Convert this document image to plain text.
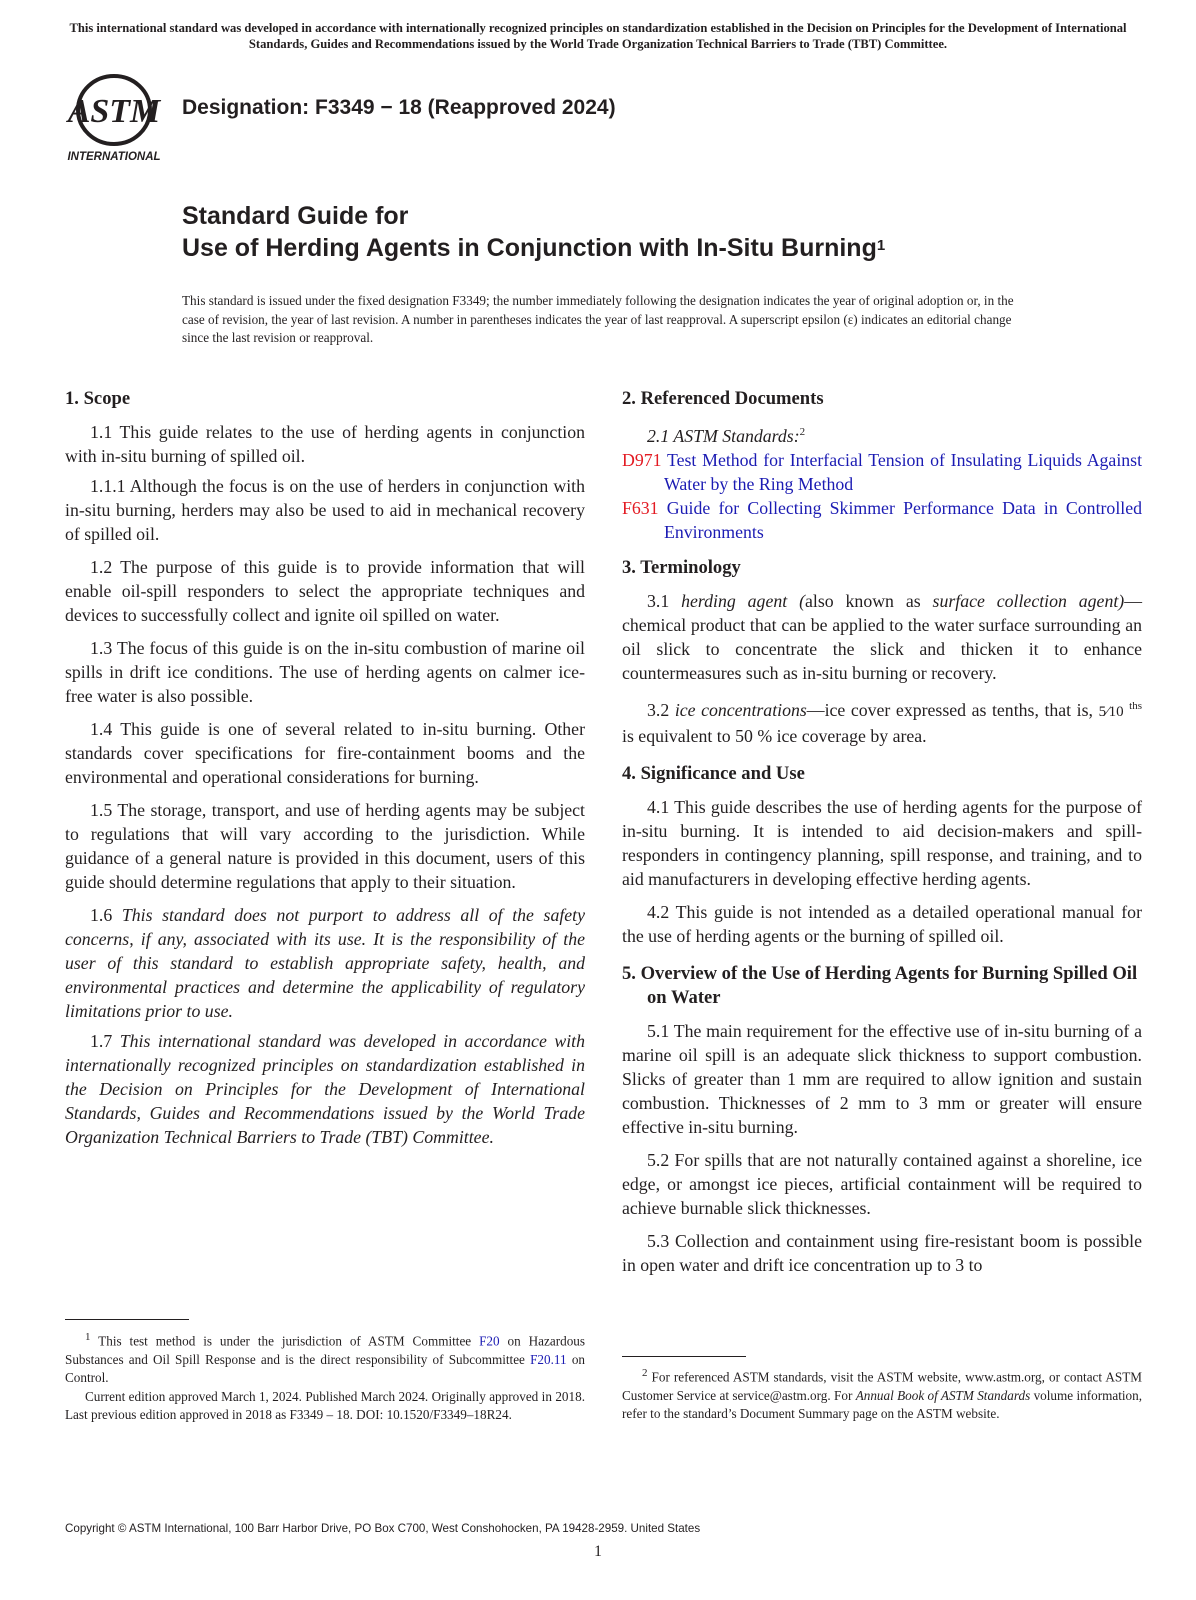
This international standard was developed in accordance with internationally recognized principles on standardization established in the Decision on Principles for the Development of International Standards, Guides and Recommendations issued by the World Trade Organization Technical Barriers to Trade (TBT) Committee.
ASTM
INTERNATIONAL
Designation: F3349 − 18 (Reapproved 2024)
Standard Guide for
Use of Herding Agents in Conjunction with In-Situ Burning$^1$
This standard is issued under the fixed designation F3349; the number immediately following the designation indicates the year of original adoption or, in the case of revision, the year of last revision. A number in parentheses indicates the year of last reapproval. A superscript epsilon (ε) indicates an editorial change since the last revision or reapproval.
1. Scope

1.1 This guide relates to the use of herding agents in conjunction with in-situ burning of spilled oil.

1.1.1 Although the focus is on the use of herders in conjunction with in-situ burning, herders may also be used to aid in mechanical recovery of spilled oil.

1.2 The purpose of this guide is to provide information that will enable oil-spill responders to select the appropriate techniques and devices to successfully collect and ignite oil spilled on water.

1.3 The focus of this guide is on the in-situ combustion of marine oil spills in drift ice conditions. The use of herding agents on calmer ice-free water is also possible.

1.4 This guide is one of several related to in-situ burning. Other standards cover specifications for fire-containment booms and the environmental and operational considerations for burning.

1.5 The storage, transport, and use of herding agents may be subject to regulations that will vary according to the jurisdiction. While guidance of a general nature is provided in this document, users of this guide should determine regulations that apply to their situation.

1.6 This standard does not purport to address all of the safety concerns, if any, associated with its use. It is the responsibility of the user of this standard to establish appropriate safety, health, and environmental practices and determine the applicability of regulatory limitations prior to use.

1.7 This international standard was developed in accordance with internationally recognized principles on standardization established in the Decision on Principles for the Development of International Standards, Guides and Recommendations issued by the World Trade Organization Technical Barriers to Trade (TBT) Committee.

$^1$ This test method is under the jurisdiction of ASTM Committee F20 on Hazardous Substances and Oil Spill Response and is the direct responsibility of Subcommittee F20.11 on Control.

Current edition approved March 1, 2024. Published March 2024. Originally approved in 2018. Last previous edition approved in 2018 as F3349 – 18. DOI: 10.1520/F3349–18R24.

2. Referenced Documents

2.1 ASTM Standards:$^2$

D971 Test Method for Interfacial Tension of Insulating Liquids Against Water by the Ring Method
F631 Guide for Collecting Skimmer Performance Data in Controlled Environments
3. Terminology

3.1 herding agent (also known as surface collection agent)—chemical product that can be applied to the water surface surrounding an oil slick to concentrate the slick and thicken it to enhance countermeasures such as in-situ burning or recovery.

3.2 ice concentrations—ice cover expressed as tenths, that is, 5⁄10 $^{ths}$ is equivalent to 50 % ice coverage by area.

4. Significance and Use

4.1 This guide describes the use of herding agents for the purpose of in-situ burning. It is intended to aid decision-makers and spill-responders in contingency planning, spill response, and training, and to aid manufacturers in developing effective herding agents.

4.2 This guide is not intended as a detailed operational manual for the use of herding agents or the burning of spilled oil.

5. Overview of the Use of Herding Agents for Burning Spilled Oil on Water

5.1 The main requirement for the effective use of in-situ burning of a marine oil spill is an adequate slick thickness to support combustion. Slicks of greater than 1 mm are required to allow ignition and sustain combustion. Thicknesses of 2 mm to 3 mm or greater will ensure effective in-situ burning.

5.2 For spills that are not naturally contained against a shoreline, ice edge, or amongst ice pieces, artificial containment will be required to achieve burnable slick thicknesses.

5.3 Collection and containment using fire-resistant boom is possible in open water and drift ice concentration up to 3 to

$^2$ For referenced ASTM standards, visit the ASTM website, www.astm.org, or contact ASTM Customer Service at service@astm.org. For Annual Book of ASTM Standards volume information, refer to the standard’s Document Summary page on the ASTM website.

Copyright © ASTM International, 100 Barr Harbor Drive, PO Box C700, West Conshohocken, PA 19428-2959. United States
1
